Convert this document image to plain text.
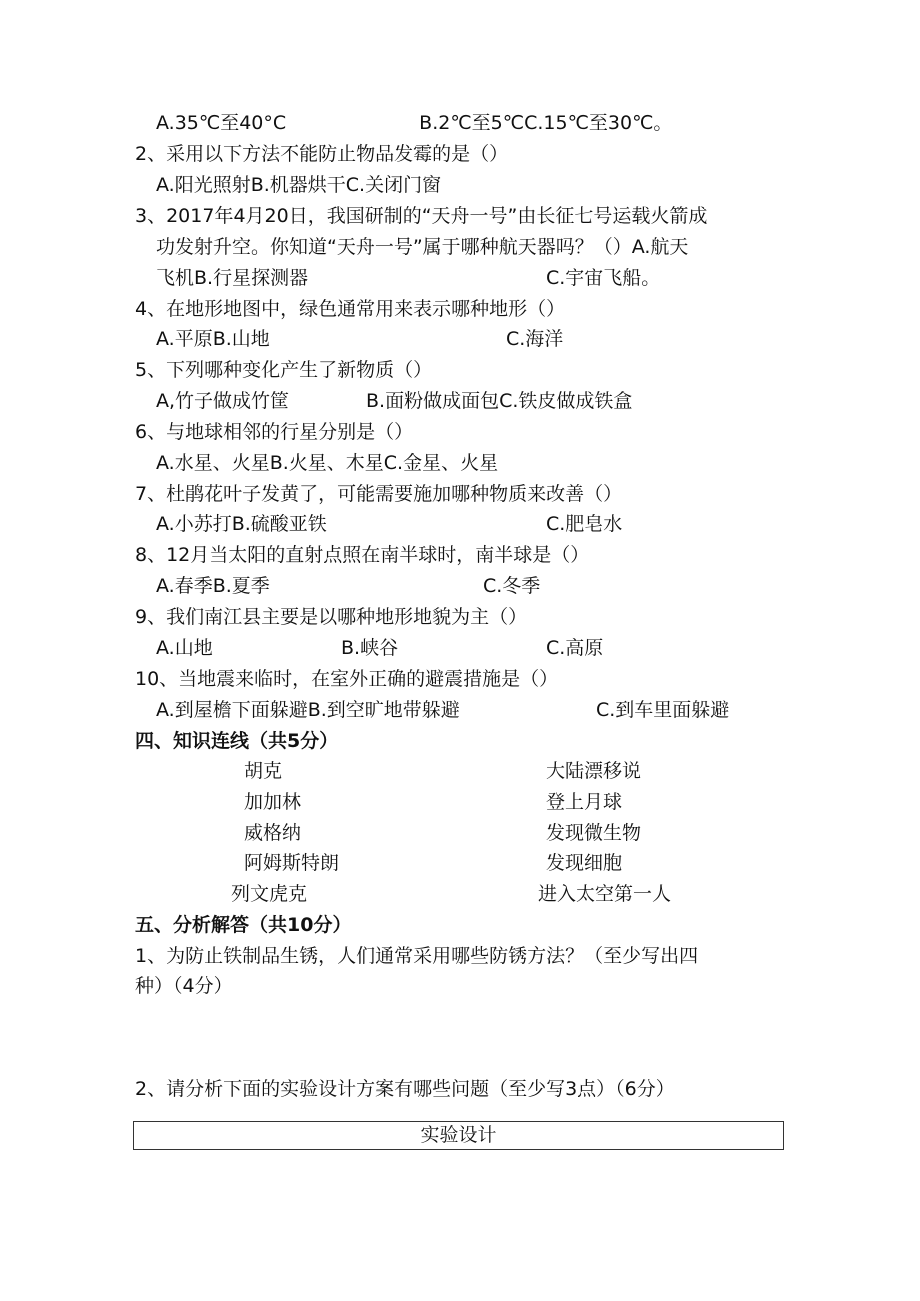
A.35℃至40°C　　　　　　　B.2℃至5℃C.15℃至30℃。
2、采用以下方法不能防止物品发霉的是（）
A.阳光照射B.机器烘干C.关闭门窗
3、2017年4月20日，我国研制的“天舟一号”由长征七号运载火箭成
功发射升空。你知道“天舟一号”属于哪种航天器吗？（）A.航天
飞机B.行星探测器	C.宇宙飞船。
4、在地形地图中，绿色通常用来表示哪种地形（）
A.平原B.山地	C.海洋
5、下列哪种变化产生了新物质（）
A,竹子做成竹筐	B.面粉做成面包C.铁皮做成铁盒
6、与地球相邻的行星分别是（）
A.水星、火星B.火星、木星C.金星、火星
7、杜鹃花叶子发黄了，可能需要施加哪种物质来改善（）
A.小苏打B.硫酸亚铁	C.肥皂水
8、12月当太阳的直射点照在南半球时，南半球是（）
A.春季B.夏季	C.冬季
9、我们南江县主要是以哪种地形地貌为主（）
A.山地	B.峡谷	C.高原
10、当地震来临时，在室外正确的避震措施是（）
A.到屋檐下面躲避B.到空旷地带躲避	C.到车里面躲避
四、知识连线（共5分）
胡克	大陆漂移说
加加林	登上月球
威格纳	发现微生物
阿姆斯特朗	发现细胞
列文虎克	进入太空第一人
五、分析解答（共10分）
1、为防止铁制品生锈，人们通常采用哪些防锈方法？（至少写出四
种）（4分）
2、请分析下面的实验设计方案有哪些问题（至少写3点）（6分）
实验设计
